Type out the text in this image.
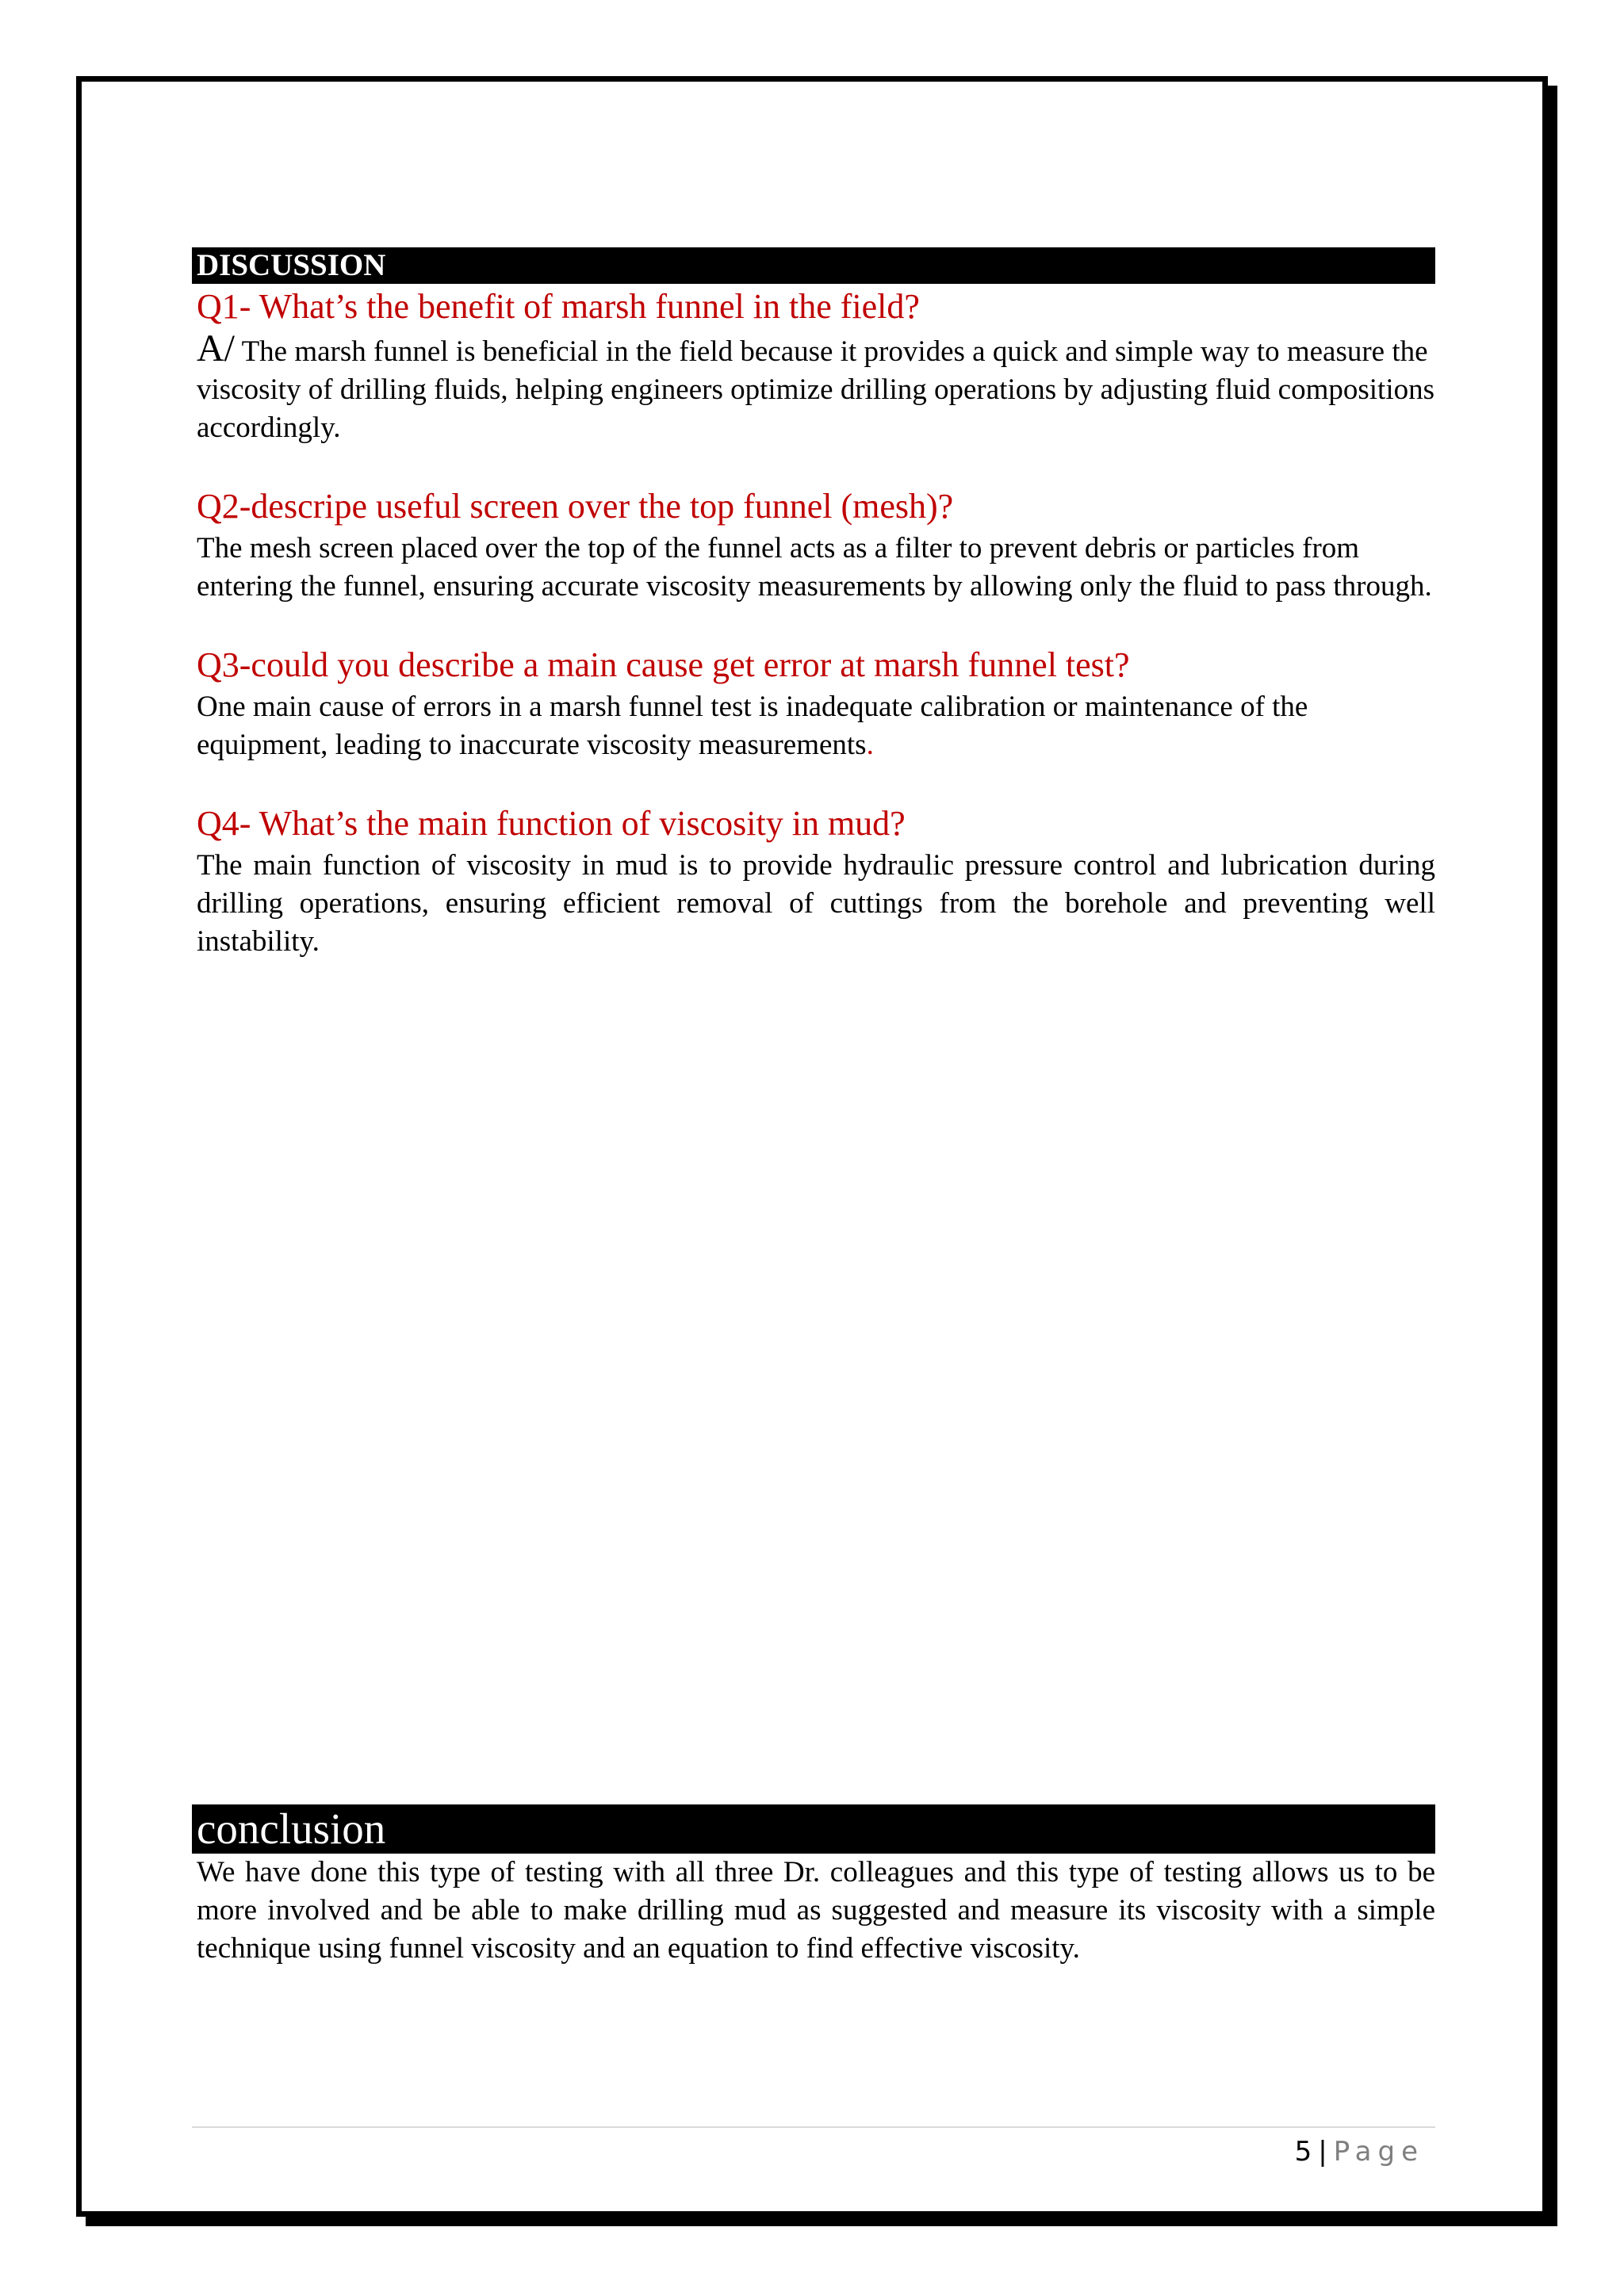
DISCUSSION

Q1- What’s the benefit of marsh funnel in the field?

A/ The marsh funnel is beneficial in the field because it provides a quick and simple way to measure the viscosity of drilling fluids, helping engineers optimize drilling operations by adjusting fluid compositions accordingly.

Q2-descripe useful screen over the top funnel (mesh)?

The mesh screen placed over the top of the funnel acts as a filter to prevent debris or particles from entering the funnel, ensuring accurate viscosity measurements by allowing only the fluid to pass through.

Q3-could you describe a main cause get error at marsh funnel test?

One main cause of errors in a marsh funnel test is inadequate calibration or maintenance of the equipment, leading to inaccurate viscosity measurements.

Q4- What’s the main function of viscosity in mud?

The main function of viscosity in mud is to provide hydraulic pressure control and lubrication during drilling operations, ensuring efficient removal of cuttings from the borehole and preventing well instability.

conclusion

We have done this type of testing with all three Dr. colleagues and this type of testing allows us to be more involved and be able to make drilling mud as suggested and measure its viscosity with a simple technique using funnel viscosity and an equation to find effective viscosity.

5 | Page
